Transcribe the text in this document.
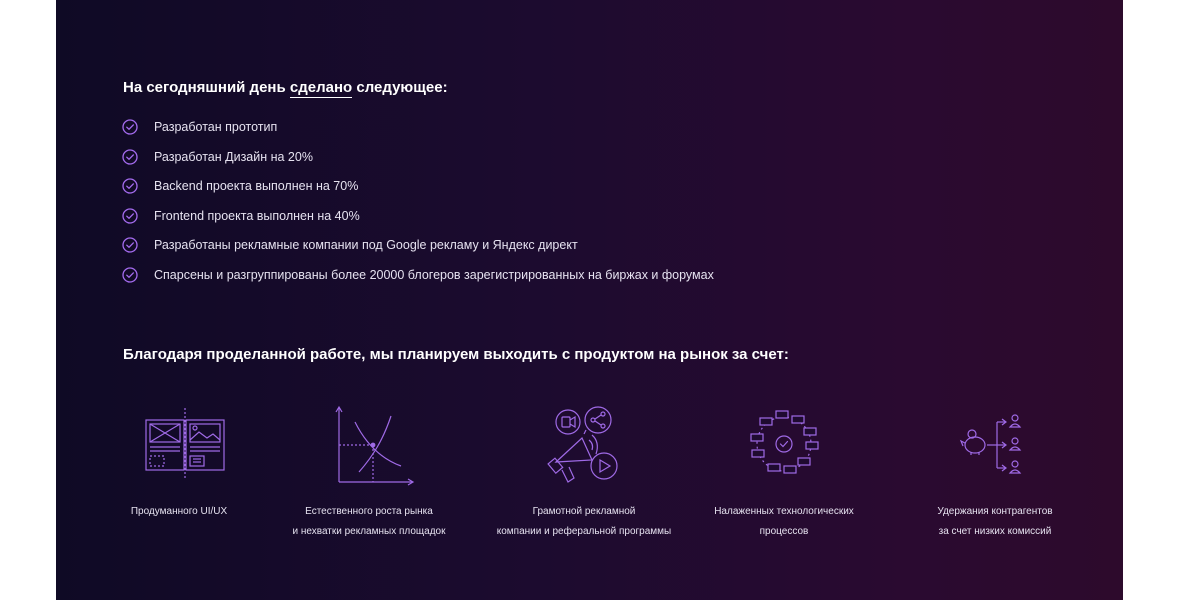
На сегодняшний день сделано следующее:
Разработан прототип
Разработан Дизайн на 20%
Backend проекта выполнен на 70%
Frontend проекта выполнен на 40%
Разработаны рекламные компании под Google рекламу и Яндекс директ
Спарсены и разгруппированы более 20000 блогеров зарегистрированных на биржах и форумах
Благодаря проделанной работе, мы планируем выходить с продуктом на рынок за счет:
Продуманного UI/UX	Естественного роста рынка
и нехватки рекламных площадок
Грамотной рекламной
компании и реферальной программы
Налаженных технологических
процессов
Удержания контрагентов
за счет низких комиссий
